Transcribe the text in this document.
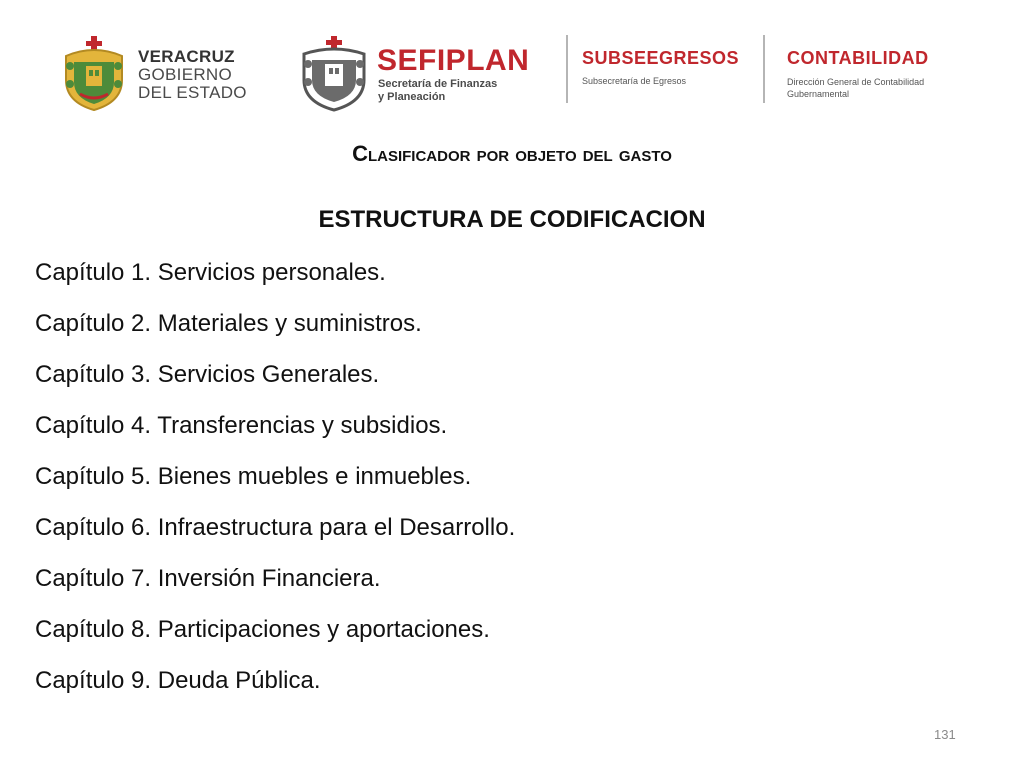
VERACRUZ
GOBIERNO
DEL ESTADO
SEFIPLAN
Secretaría de Finanzas
y Planeación
SUBSEEGRESOS
Subsecretaría de Egresos
CONTABILIDAD
Dirección General de Contabilidad
Gubernamental
Clasificador por objeto del gasto
ESTRUCTURA DE CODIFICACION
Capítulo 1. Servicios personales.
Capítulo 2. Materiales y suministros.
Capítulo 3. Servicios Generales.
Capítulo 4. Transferencias y subsidios.
Capítulo 5. Bienes muebles e inmuebles.
Capítulo 6. Infraestructura para el Desarrollo.
Capítulo 7. Inversión Financiera.
Capítulo 8. Participaciones y aportaciones.
Capítulo 9. Deuda Pública.
131
